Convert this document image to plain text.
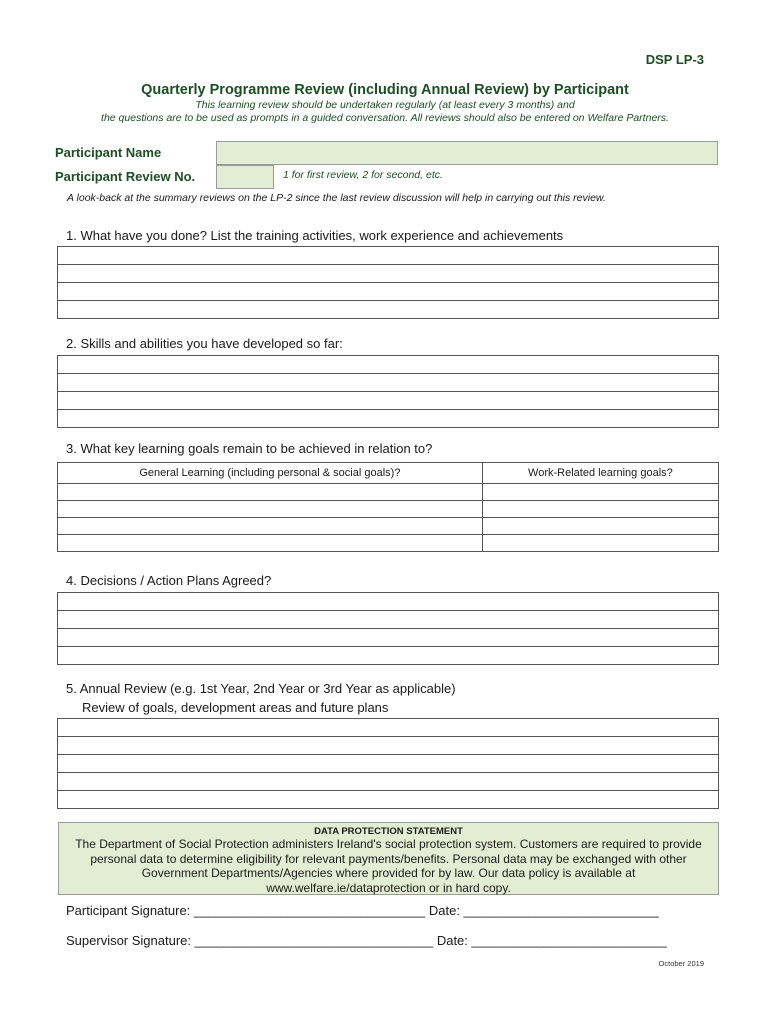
DSP LP-3
Quarterly Programme Review (including Annual Review) by Participant
This learning review should be undertaken regularly (at least every 3 months) and
the questions are to be used as prompts in a guided conversation. All reviews should also be entered on Welfare Partners.
Participant Name
Participant Review No.	1 for first review, 2 for second, etc.
A look-back at the summary reviews on the LP-2 since the last review discussion will help in carrying out this review.
1. What have you done? List the training activities, work experience and achievements
2. Skills and abilities you have developed so far:
3. What key learning goals remain to be achieved in relation to?
General Learning (including personal & social goals)?	Work-Related learning goals?

4. Decisions / Action Plans Agreed?
5. Annual Review (e.g. 1st Year, 2nd Year or 3rd Year as applicable)
Review of goals, development areas and future plans
DATA PROTECTION STATEMENT
The Department of Social Protection administers Ireland's social protection system. Customers are required to provide personal data to determine eligibility for relevant payments/benefits. Personal data may be exchanged with other Government Departments/Agencies where provided for by law. Our data policy is available at www.welfare.ie/dataprotection or in hard copy.
Participant Signature: ________________________________ Date: ___________________________
Supervisor Signature: _________________________________ Date: ___________________________
October 2019
